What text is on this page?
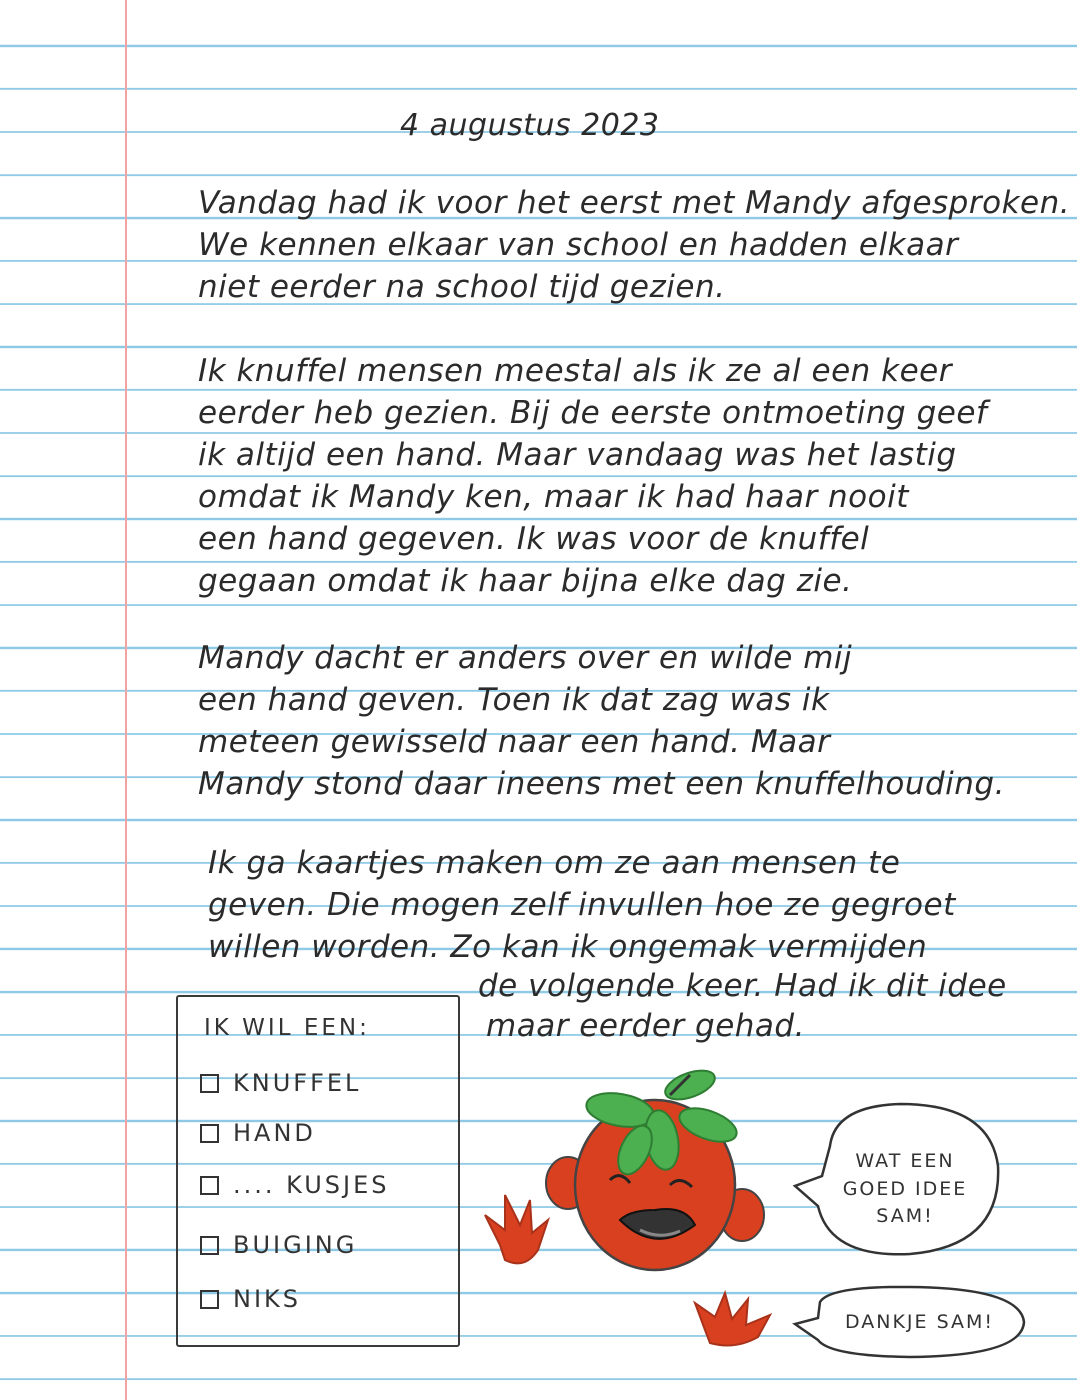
4 augustus 2023
Vandag had ik voor het eerst met Mandy afgesproken.
We kennen elkaar van school en hadden elkaar
niet eerder na school tijd gezien.
Ik knuffel mensen meestal als ik ze al een keer
eerder heb gezien. Bij de eerste ontmoeting geef
ik altijd een hand. Maar vandaag was het lastig
omdat ik Mandy ken, maar ik had haar nooit
een hand gegeven. Ik was voor de knuffel
gegaan omdat ik haar bijna elke dag zie.
Mandy dacht er anders over en wilde mij
een hand geven. Toen ik dat zag was ik
meteen gewisseld naar een hand. Maar
Mandy stond daar ineens met een knuffelhouding.
Ik ga kaartjes maken om ze aan mensen te
geven. Die mogen zelf invullen hoe ze gegroet
willen worden. Zo kan ik ongemak vermijden
de volgende keer. Had ik dit idee
maar eerder gehad.
IK WIL EEN:
KNUFFEL
HAND
.... KUSJES
BUIGING
NIKS
WAT EEN
GOED IDEE
SAM!
DANKJE SAM!
